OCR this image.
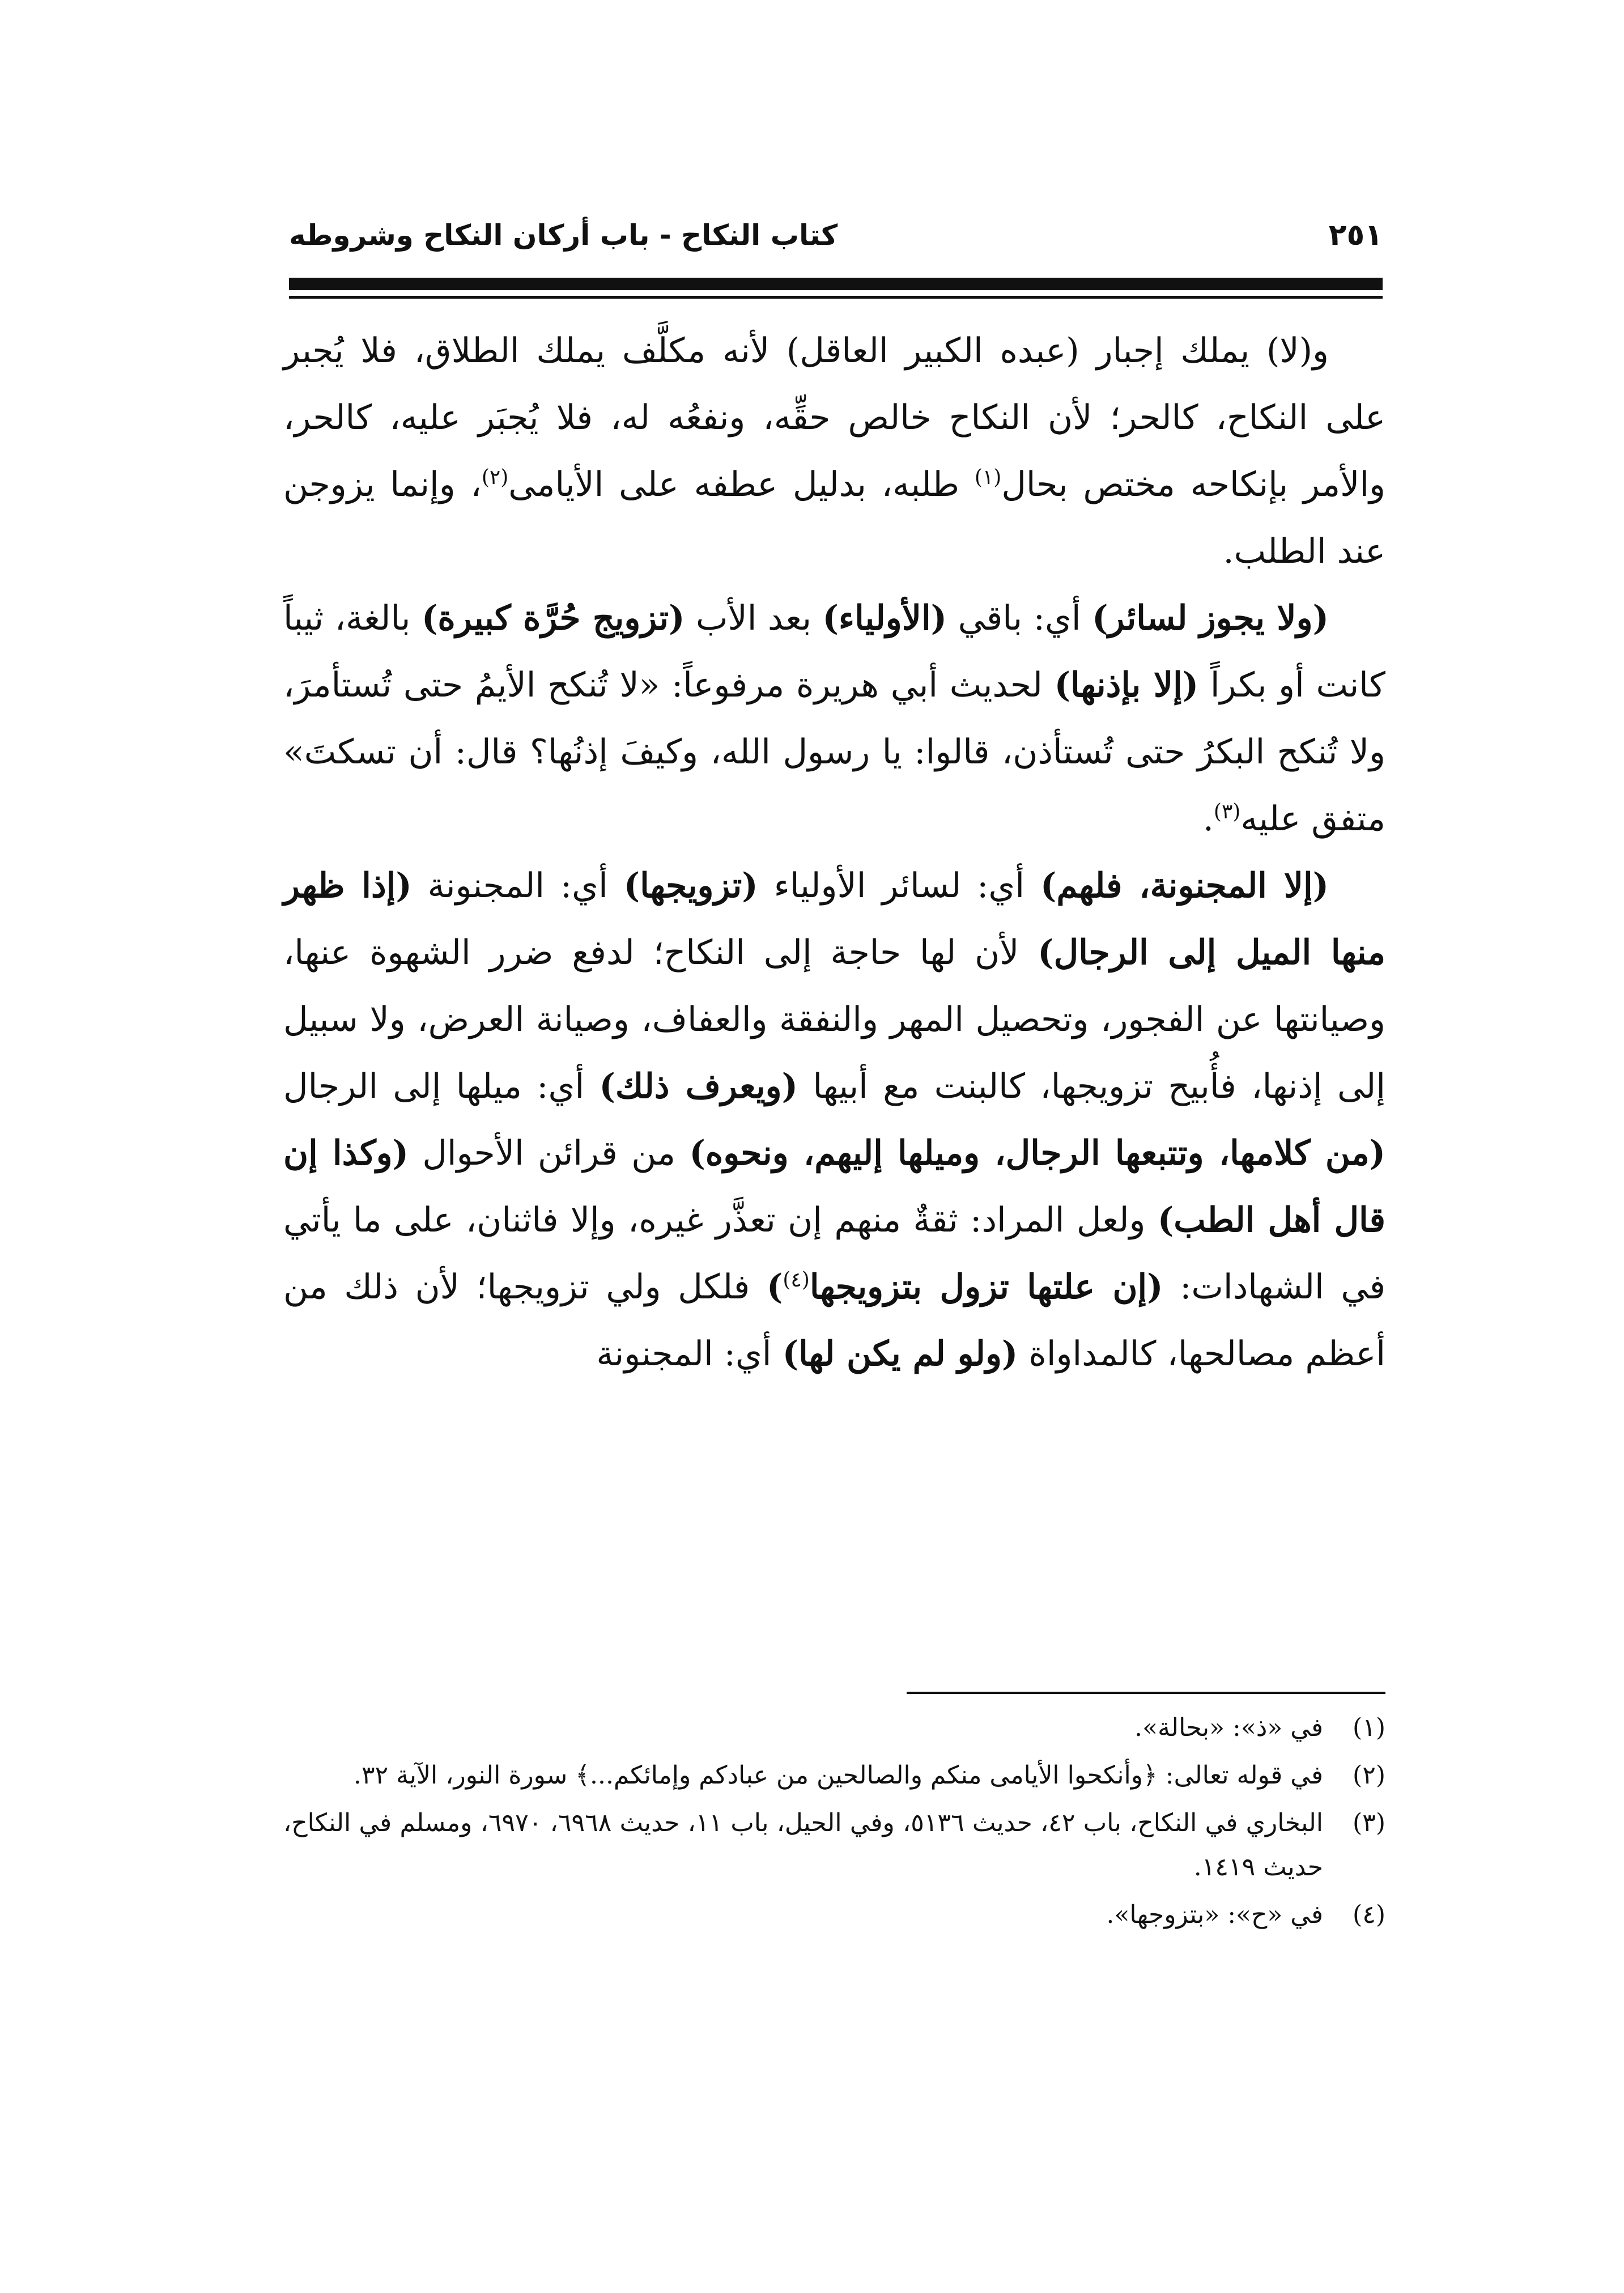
٢٥١
كتاب النكاح - باب أركان النكاح وشروطه

و(لا) يملك إجبار (عبده الكبير العاقل) لأنه مكلَّف يملك الطلاق، فلا يُجبر على النكاح، كالحر؛ لأن النكاح خالص حقِّه، ونفعُه له، فلا يُجبَر عليه، كالحر، والأمر بإنكاحه مختص بحال$^{(١)}$ طلبه، بدليل عطفه على الأيامى$^{(٢)}$، وإنما يزوجن عند الطلب.

(ولا يجوز لسائر) أي: باقي (الأولياء) بعد الأب (تزويج حُرَّة كبيرة) بالغة، ثيباً كانت أو بكراً (إلا بإذنها) لحديث أبي هريرة مرفوعاً: «لا تُنكح الأيمُ حتى تُستأمرَ، ولا تُنكح البكرُ حتى تُستأذن، قالوا: يا رسول الله، وكيفَ إذنُها؟ قال: أن تسكتَ» متفق عليه$^{(٣)}$.

(إلا المجنونة، فلهم) أي: لسائر الأولياء (تزويجها) أي: المجنونة (إذا ظهر منها الميل إلى الرجال) لأن لها حاجة إلى النكاح؛ لدفع ضرر الشهوة عنها، وصيانتها عن الفجور، وتحصيل المهر والنفقة والعفاف، وصيانة العرض، ولا سبيل إلى إذنها، فأُبيح تزويجها، كالبنت مع أبيها (ويعرف ذلك) أي: ميلها إلى الرجال (من كلامها، وتتبعها الرجال، وميلها إليهم، ونحوه) من قرائن الأحوال (وكذا إن قال أهل الطب) ولعل المراد: ثقةٌ منهم إن تعذَّر غيره، وإلا فاثنان، على ما يأتي في الشهادات: (إن علتها تزول بتزويجها$^{(٤)}$) فلكل ولي تزويجها؛ لأن ذلك من أعظم مصالحها، كالمداواة (ولو لم يكن لها) أي: المجنونة

(١)
في «ذ»: «بحالة».
(٢)
في قوله تعالى: ﴿وأنكحوا الأيامى منكم والصالحين من عبادكم وإمائكم...﴾ سورة النور، الآية ٣٢.
(٣)
البخاري في النكاح، باب ٤٢، حديث ٥١٣٦، وفي الحيل، باب ١١، حديث ٦٩٦٨، ٦٩٧٠، ومسلم في النكاح، حديث ١٤١٩.
(٤)
في «ح»: «بتزوجها».
